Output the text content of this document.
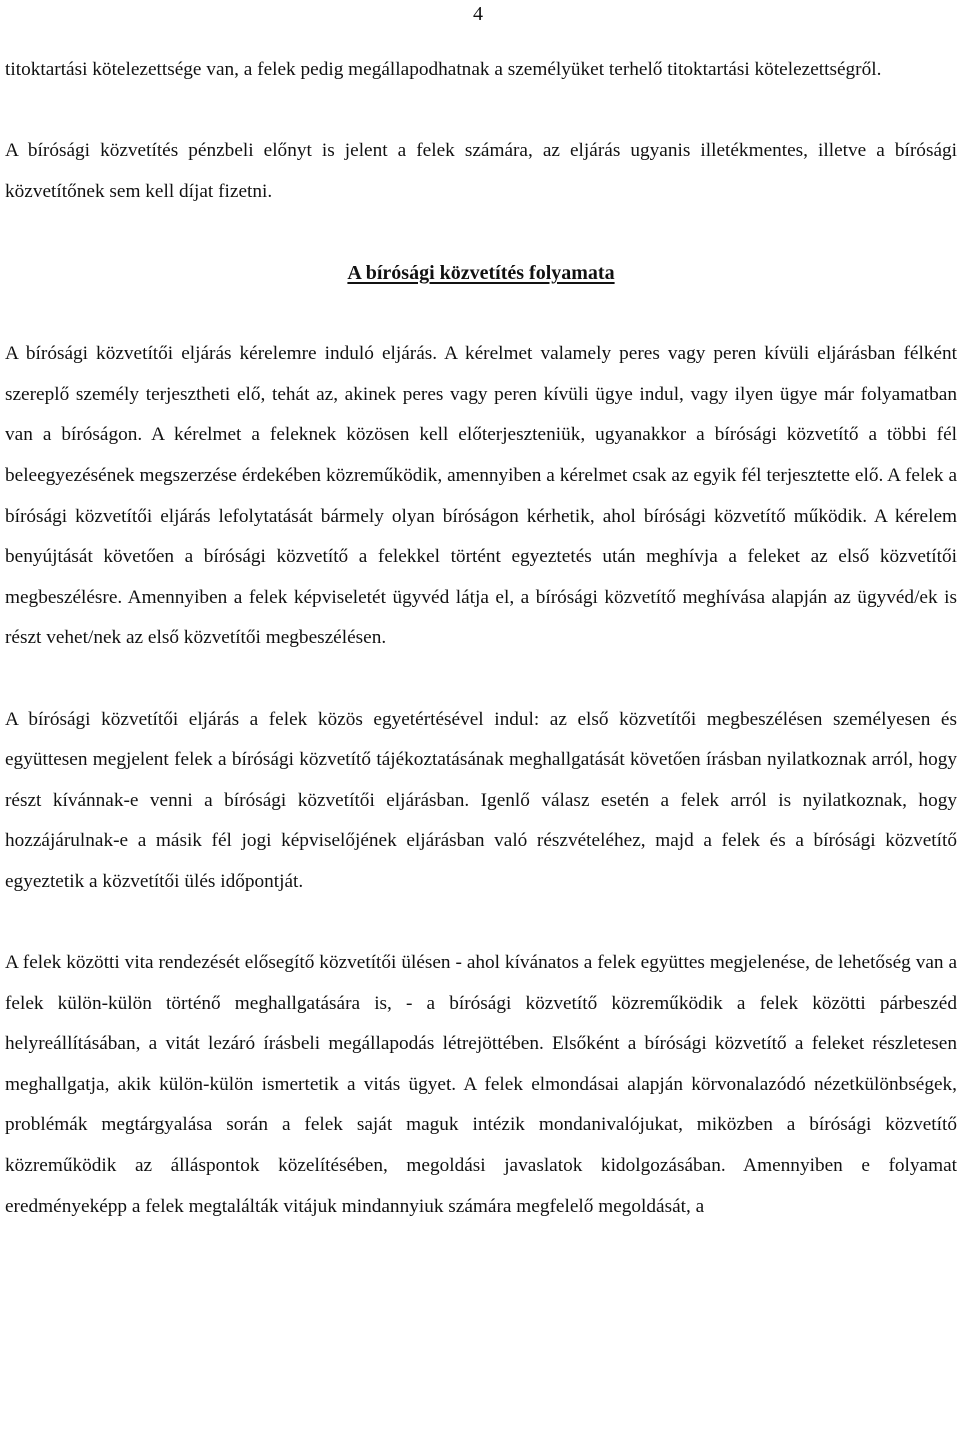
4

titoktartási kötelezettsége van, a felek pedig megállapodhatnak a személyüket terhelő titoktartási kötelezettségről.

A bírósági közvetítés pénzbeli előnyt is jelent a felek számára, az eljárás ugyanis illetékmentes, illetve a bírósági közvetítőnek sem kell díjat fizetni.

A bírósági közvetítés folyamata

A bírósági közvetítői eljárás kérelemre induló eljárás. A kérelmet valamely peres vagy peren kívüli eljárásban félként szereplő személy terjesztheti elő, tehát az, akinek peres vagy peren kívüli ügye indul, vagy ilyen ügye már folyamatban van a bíróságon. A kérelmet a feleknek közösen kell előterjeszteniük, ugyanakkor a bírósági közvetítő a többi fél beleegyezésének megszerzése érdekében közreműködik, amennyiben a kérelmet csak az egyik fél terjesztette elő. A felek a bírósági közvetítői eljárás lefolytatását bármely olyan bíróságon kérhetik, ahol bírósági közvetítő működik. A kérelem benyújtását követően a bírósági közvetítő a felekkel történt egyeztetés után meghívja a feleket az első közvetítői megbeszélésre. Amennyiben a felek képviseletét ügyvéd látja el, a bírósági közvetítő meghívása alapján az ügyvéd/ek is részt vehet/nek az első közvetítői megbeszélésen.

A bírósági közvetítői eljárás a felek közös egyetértésével indul: az első közvetítői megbeszélésen személyesen és együttesen megjelent felek a bírósági közvetítő tájékoztatásának meghallgatását követően írásban nyilatkoznak arról, hogy részt kívánnak-e venni a bírósági közvetítői eljárásban. Igenlő válasz esetén a felek arról is nyilatkoznak, hogy hozzájárulnak-e a másik fél jogi képviselőjének eljárásban való részvételéhez, majd a felek és a bírósági közvetítő egyeztetik a közvetítői ülés időpontját.

A felek közötti vita rendezését elősegítő közvetítői ülésen - ahol kívánatos a felek együttes megjelenése, de lehetőség van a felek külön-külön történő meghallgatására is, - a bírósági közvetítő közreműködik a felek közötti párbeszéd helyreállításában, a vitát lezáró írásbeli megállapodás létrejöttében. Elsőként a bírósági közvetítő a feleket részletesen meghallgatja, akik külön-külön ismertetik a vitás ügyet. A felek elmondásai alapján körvonalazódó nézetkülönbségek, problémák megtárgyalása során a felek saját maguk intézik mondanivalójukat, miközben a bírósági közvetítő közreműködik az álláspontok közelítésében, megoldási javaslatok kidolgozásában. Amennyiben e folyamat eredményeképp a felek megtalálták vitájuk mindannyiuk számára megfelelő megoldását, a
